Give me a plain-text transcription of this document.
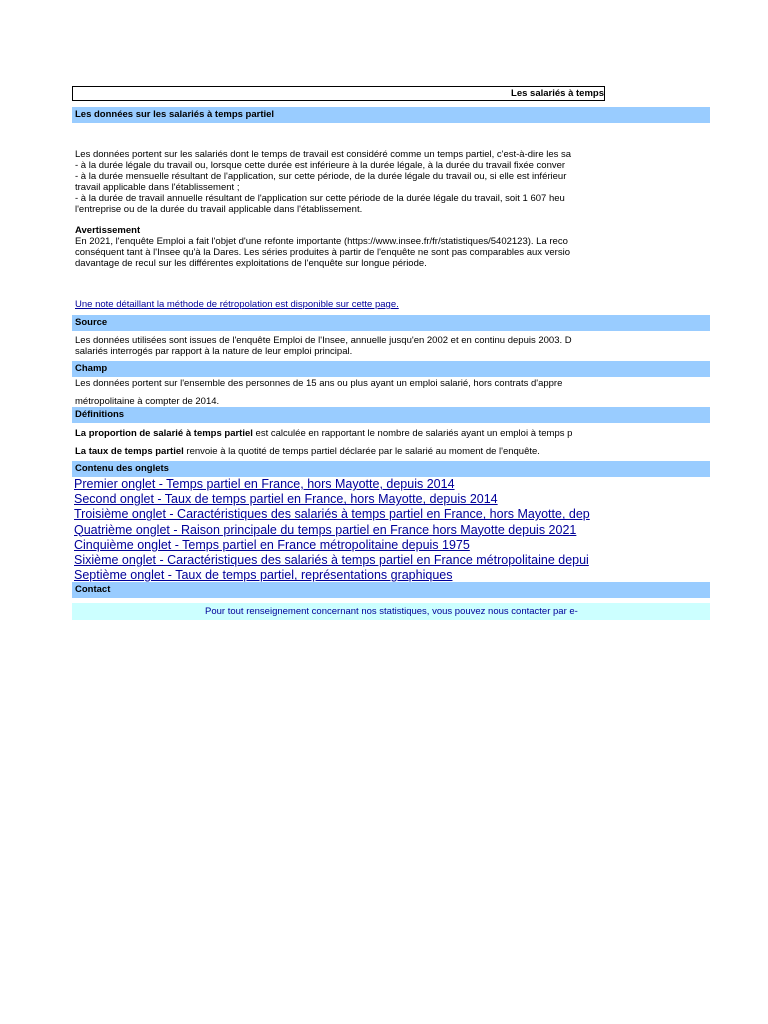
Les salariés à temps
Les données sur les salariés à temps partiel
Les données portent sur les salariés dont le temps de travail est considéré comme un temps partiel, c'est-à-dire les sa
- à la durée légale du travail ou, lorsque cette durée est inférieure à la durée légale, à la durée du travail fixée conver
- à la durée mensuelle résultant de l'application, sur cette période, de la durée légale du travail ou, si elle est inférieur
travail applicable dans l'établissement ;
- à la durée de travail annuelle résultant de l'application sur cette période de la durée légale du travail, soit 1 607 heu
l'entreprise ou de la durée du travail applicable dans l'établissement.
Avertissement
En 2021, l'enquête Emploi a fait l'objet d'une refonte importante (https://www.insee.fr/fr/statistiques/5402123). La reco
conséquent tant à l'Insee qu'à la Dares. Les séries produites à partir de l'enquête ne sont pas comparables aux versio
davantage de recul sur les différentes exploitations de l'enquête sur longue période.
Une note détaillant la méthode de rétropolation est disponible sur cette page.
Source
Les données utilisées sont issues de l'enquête Emploi de l'Insee, annuelle jusqu'en 2002 et en continu depuis 2003. D
salariés interrogés par rapport à la nature de leur emploi principal.
Champ
Les données portent sur l'ensemble des personnes de 15 ans ou plus ayant un emploi salarié, hors contrats d'appre
métropolitaine à compter de 2014.
Définitions
La proportion de salarié à temps partiel est calculée en rapportant le nombre de salariés ayant un emploi à temps p
La taux de temps partiel renvoie à la quotité de temps partiel déclarée par le salarié au moment de l'enquête.
Contenu des onglets
Premier onglet - Temps partiel en France, hors Mayotte, depuis 2014
Second onglet - Taux de temps partiel en France, hors Mayotte, depuis 2014
Troisième onglet - Caractéristiques des salariés à temps partiel en France, hors Mayotte, dep
Quatrième onglet - Raison principale du temps partiel en France hors Mayotte depuis 2021
Cinquième onglet - Temps partiel en France métropolitaine depuis 1975
Sixième onglet - Caractéristiques des salariés à temps partiel en France métropolitaine depui
Septième onglet - Taux de temps partiel, représentations graphiques
Contact
Pour tout renseignement concernant nos statistiques, vous pouvez nous contacter par e-
